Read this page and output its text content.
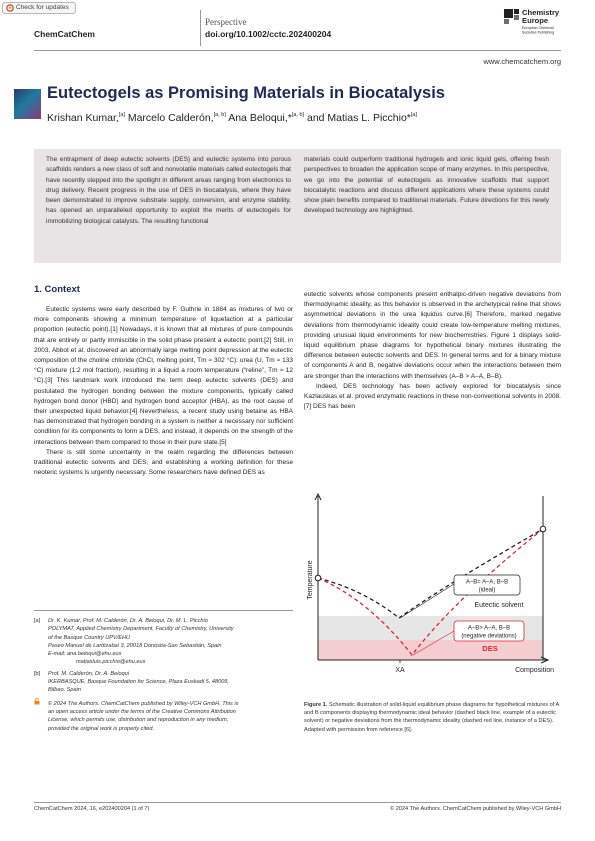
Check for updates
ChemCatChem
Perspective
doi.org/10.1002/cctc.202400204
Chemistry
Europe
European Chemical
Societies Publishing
www.chemcatchem.org
Eutectogels as Promising Materials in Biocatalysis
Krishan Kumar,[a] Marcelo Calderón,[a, b] Ana Beloqui,*[a, b] and Matias L. Picchio*[a]
The entrapment of deep eutectic solvents (DES) and eutectic systems into porous scaffolds renders a new class of soft and nonvolatile materials called eutectogels that have recently stepped into the spotlight in different areas ranging from electronics to drug delivery. Recent progress in the use of DES in biocatalysis, where they have been demonstrated to improve substrate supply, conversion, and enzyme stability, has opened an unparalleled opportunity to exploit the merits of eutectogels for immobilizing biological catalysts. The resulting functional
materials could outperform traditional hydrogels and ionic liquid gels, offering fresh perspectives to broaden the application scope of many enzymes. In this perspective, we go into the potential of eutectogels as innovative scaffolds that support biocatalytic reactions and discuss different applications where these systems could show plain benefits compared to traditional materials. Future directions for this newly developed technology are highlighted.
1. Context
Eutectic systems were early described by F. Guthrie in 1884 as mixtures of two or more components showing a minimum temperature of liquefaction at a particular proportion (eutectic point).[1] Nowadays, it is known that all mixtures of pure compounds that are entirely or partly immiscible in the solid phase present a eutectic point.[2] Still, in 2003, Abbot et al. discovered an abnormally large melting point depression at the eutectic composition of the choline chloride (ChCl, melting point, Tm ≈ 302 °C): urea (U, Tm ≈ 133 °C) mixture (1:2 mol fraction), resulting in a liquid a room temperature (“reline”, Tm ≈ 12 °C).[3] This landmark work introduced the term deep eutectic solvents (DES) and postulated the hydrogen bonding between the mixture components, typically called hydrogen bond donor (HBD) and hydrogen bond acceptor (HBA), as the root cause of their unexpected liquid behavior.[4] Nevertheless, a recent study using betaine as HBA has demonstrated that hydrogen bonding in a system is neither a necessary nor sufficient condition for its components to form a DES, and instead, it depends on the strength of the interactions between them compared to those in their pure state.[5]
There is still some uncertainty in the realm regarding the differences between traditional eutectic solvents and DES, and establishing a working definition for these neoteric systems is urgently necessary. Some researchers have defined DES as
[a] Dr. K. Kumar, Prof. M. Calderón, Dr. A. Beloqui, Dr. M. L. Picchio
POLYMAT, Applied Chemistry Department, Faculty of Chemistry, University
of the Basque Country UPV/EHU
Paseo Manuel de Lardizabal 3, 20018 Donostia-San Sebastián, Spain
E-mail: ana.beloqui@ehu.eus
matiasluis.picchio@ehu.eus
[b] Prof. M. Calderón, Dr. A. Beloqui
IKERBASQUE, Basque Foundation for Science, Plaza Euskadi 5, 48009,
Bilbao, Spain
© 2024 The Authors. ChemCatChem published by Wiley-VCH GmbH. This is
an open access article under the terms of the Creative Commons Attribution
License, which permits use, distribution and reproduction in any medium,
provided the original work is properly cited.
eutectic solvents whose components present enthalpic-driven negative deviations from thermodynamic ideality, as this behavior is observed in the archetypical reline that shows asymmetrical deviations in the urea liquidus curve.[6] Therefore, marked negative deviations from thermodynamic ideality could create low-temperature melting mixtures, providing unusual liquid environments for new biochemistries. Figure 1 displays solid-liquid equilibrium phase diagrams for hypothetical binary mixtures illustrating the difference between eutectic solvents and DES. In general terms and for a binary mixture of components A and B, negative deviations occur when the interactions between them are stronger than the interactions with themselves (A–B > A–A, B–B).
Indeed, DES technology has been actively explored for biocatalysis since Kazlauskas et al. proved enzymatic reactions in these non-conventional solvents in 2008.[7] DES has been
Temperature	A–B= A–A, B–B
(ideal)
Eutectic solvent
A–B> A–A, B–B
(negative deviations)
DES
XA	Composition
Figure 1. Schematic illustration of solid-liquid equilibrium phase diagrams for hypothetical mixtures of A and B components displaying thermodynamic ideal behavior (dashed black line, example of a eutectic solvent) or negative deviations from the thermodynamic ideality (dashed red line, instance of a DES). Adapted with permission from reference [6].
ChemCatChem 2024, 16, e202400204 (1 of 7)	© 2024 The Authors. ChemCatChem published by Wiley-VCH GmbH
